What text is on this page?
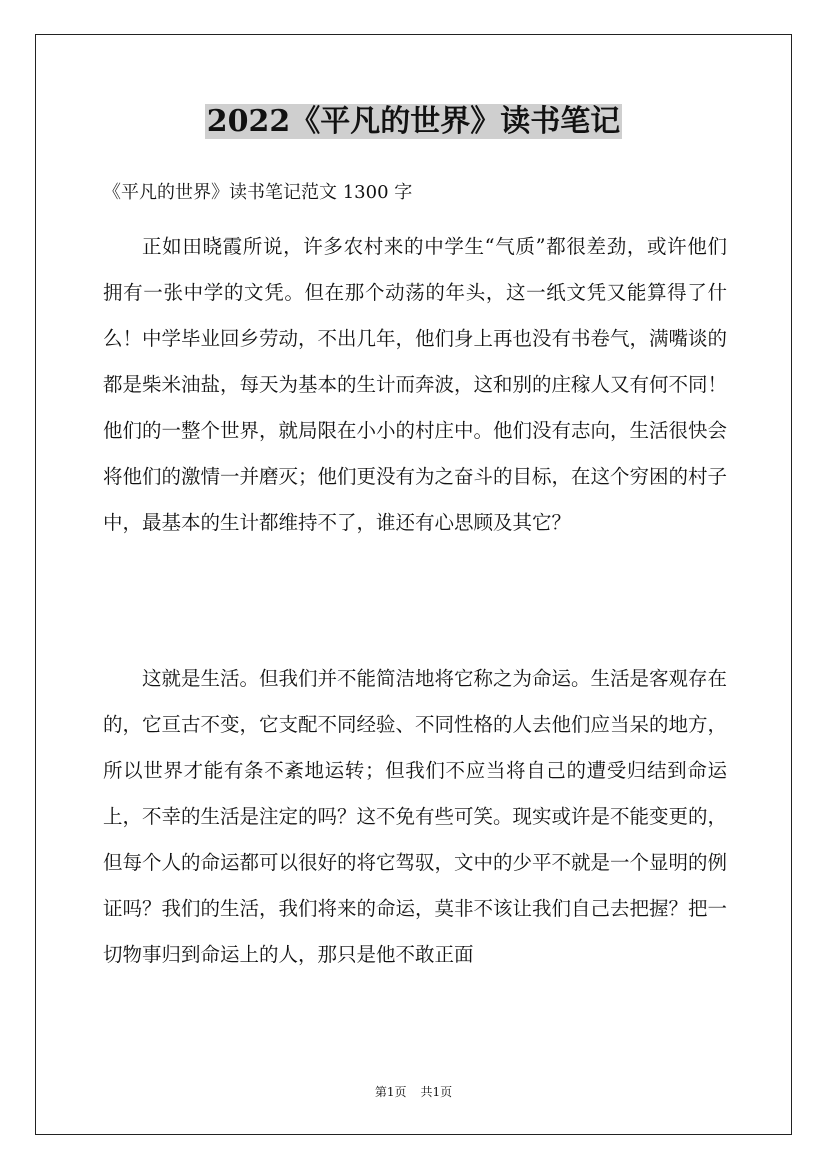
2022《平凡的世界》读书笔记
《平凡的世界》读书笔记范文 1300 字

正如田晓霞所说，许多农村来的中学生“气质”都很差劲，或许他们拥有一张中学的文凭。但在那个动荡的年头，这一纸文凭又能算得了什么！中学毕业回乡劳动，不出几年，他们身上再也没有书卷气，满嘴谈的都是柴米油盐，每天为基本的生计而奔波，这和别的庄稼人又有何不同！他们的一整个世界，就局限在小小的村庄中。他们没有志向，生活很快会将他们的激情一并磨灭；他们更没有为之奋斗的目标，在这个穷困的村子中，最基本的生计都维持不了，谁还有心思顾及其它？

这就是生活。但我们并不能简洁地将它称之为命运。生活是客观存在的，它亘古不变，它支配不同经验、不同性格的人去他们应当呆的地方，所以世界才能有条不紊地运转；但我们不应当将自己的遭受归结到命运上，不幸的生活是注定的吗？这不免有些可笑。现实或许是不能变更的，但每个人的命运都可以很好的将它驾驭，文中的少平不就是一个显明的例证吗？我们的生活，我们将来的命运，莫非不该让我们自己去把握？把一切物事归到命运上的人，那只是他不敢正面

第1页 共1页
